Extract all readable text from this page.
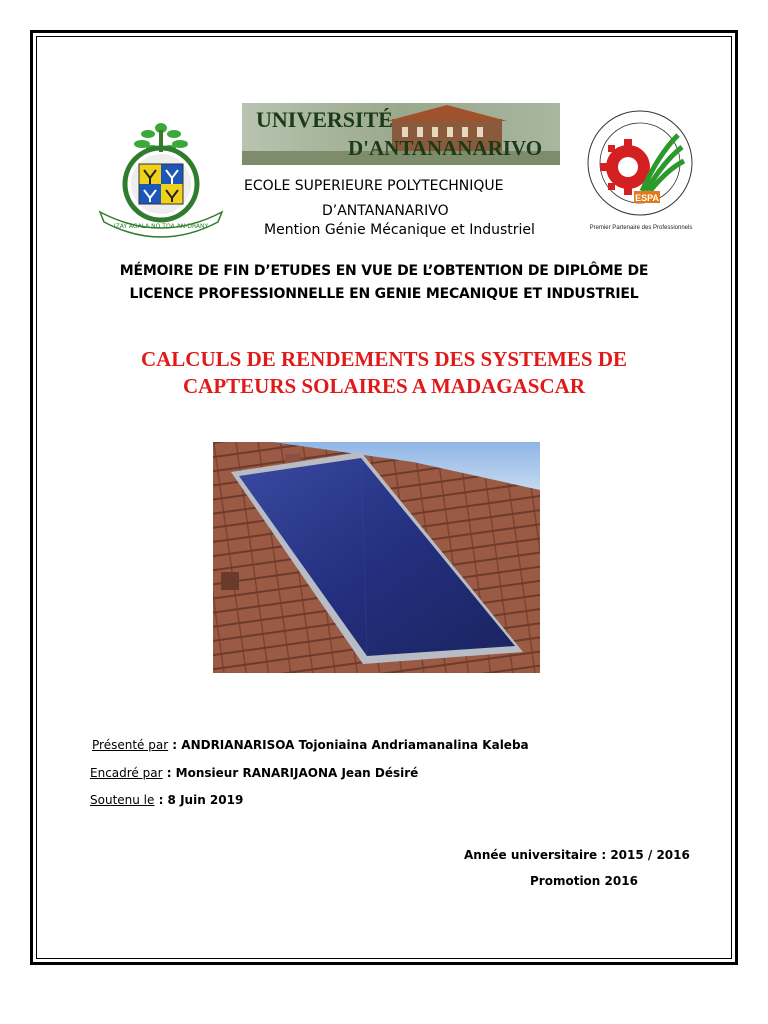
IZAY AGALA NO TOA AN-DRANY
UNIVERSITÉ
D'ANTANANARIVO
ESPA
Premier Partenaire des Professionnels
ECOLE SUPERIEURE POLYTECHNIQUE
D’ANTANANARIVO
Mention Génie Mécanique et Industriel
MÉMOIRE DE FIN D’ETUDES EN VUE DE L’OBTENTION DE DIPLÔME DE
LICENCE PROFESSIONNELLE EN GENIE MECANIQUE ET INDUSTRIEL
CALCULS DE RENDEMENTS DES SYSTEMES DE
CAPTEURS SOLAIRES A MADAGASCAR
Présenté par : ANDRIANARISOA Tojoniaina Andriamanalina Kaleba
Encadré par : Monsieur RANARIJAONA Jean Désiré
Soutenu le : 8 Juin 2019
Année universitaire : 2015 / 2016
Promotion 2016
